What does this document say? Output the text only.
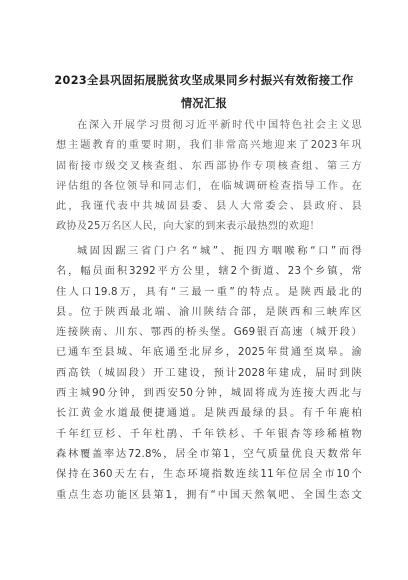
2023全县巩固拓展脱贫攻坚成果同乡村振兴有效衔接工作
情况汇报
在深入开展学习贯彻习近平新时代中国特色社会主义思
想主题教育的重要时期，我们非常高兴地迎来了2023年巩
固衔接市级交叉核查组、东西部协作专项核查组、第三方
评估组的各位领导和同志们，在临城调研检查指导工作。在
此，我谨代表中共城固县委、县人大常委会、县政府、县
政协及25万名区人民，向大家的到来表示最热烈的欢迎！
城固因踞三省门户名“城”、扼四方咽喉称“口”而得
名，幅员面积3292平方公里，辖2个街道、23个乡镇，常
住人口19.8万，具有“三最一重”的特点。是陕西最北的
县。位于陕西最北端、渝川陕结合部，是陕西和三峡库区
连接陕南、川东、鄂西的桥头堡。G69银百高速（城开段）
已通车至县城、年底通至北屏乡，2025年贯通至岚皋。渝
西高铁（城固段）开工建设，预计2028年建成，届时到陕
西主城90分钟，到西安50分钟，城固将成为连接大西北与
长江黄金水道最便捷通道。是陕西最绿的县。有千年鹿柏
千年红豆杉、千年杜鹃、千年铁杉、千年银杏等珍稀植物
森林覆盖率达72.8%，居全市第1，空气质量优良天数常年
保持在360天左右，生态环境指数连续11年位居全市10个
重点生态功能区县第1，拥有“中国天然氧吧、全国生态文
